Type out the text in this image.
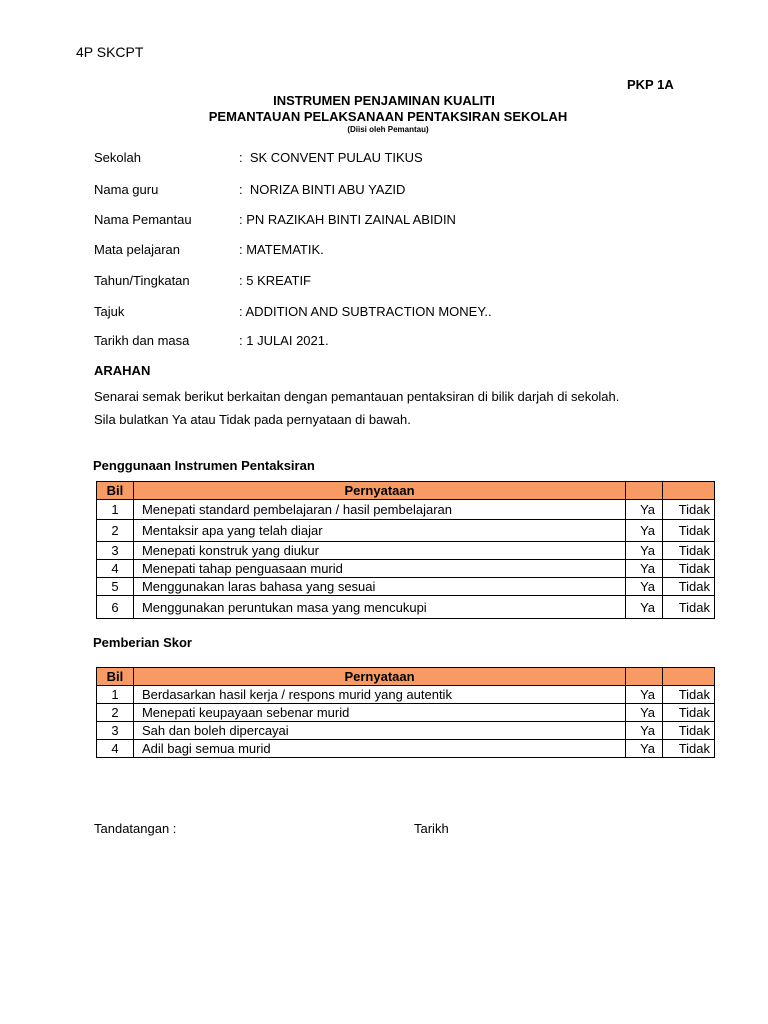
4P SKCPT
PKP 1A
INSTRUMEN PENJAMINAN KUALITI
PEMANTAUAN PELAKSANAAN PENTAKSIRAN SEKOLAH
(Diisi oleh Pemantau)
Sekolah	:  SK CONVENT PULAU TIKUS
Nama guru	:  NORIZA BINTI ABU YAZID
Nama Pemantau	: PN RAZIKAH BINTI ZAINAL ABIDIN
Mata pelajaran	: MATEMATIK.
Tahun/Tingkatan	: 5 KREATIF
Tajuk	: ADDITION AND SUBTRACTION MONEY..
Tarikh dan masa	: 1 JULAI 2021.
ARAHAN
Senarai semak berikut berkaitan dengan pemantauan pentaksiran di bilik darjah di sekolah.
Sila bulatkan Ya atau Tidak pada pernyataan di bawah.
Penggunaan Instrumen Pentaksiran
Bil	Pernyataan		
1	Menepati standard pembelajaran / hasil pembelajaran	Ya	Tidak
2	Mentaksir apa yang telah diajar	Ya	Tidak
3	Menepati konstruk yang diukur	Ya	Tidak
4	Menepati tahap penguasaan murid	Ya	Tidak
5	Menggunakan laras bahasa yang sesuai	Ya	Tidak
6	Menggunakan peruntukan masa yang mencukupi	Ya	Tidak
Pemberian Skor
Bil	Pernyataan		
1	Berdasarkan hasil kerja / respons murid yang autentik	Ya	Tidak
2	Menepati keupayaan sebenar murid	Ya	Tidak
3	Sah dan boleh dipercayai	Ya	Tidak
4	Adil bagi semua murid	Ya	Tidak
Tandatangan :	Tarikh
